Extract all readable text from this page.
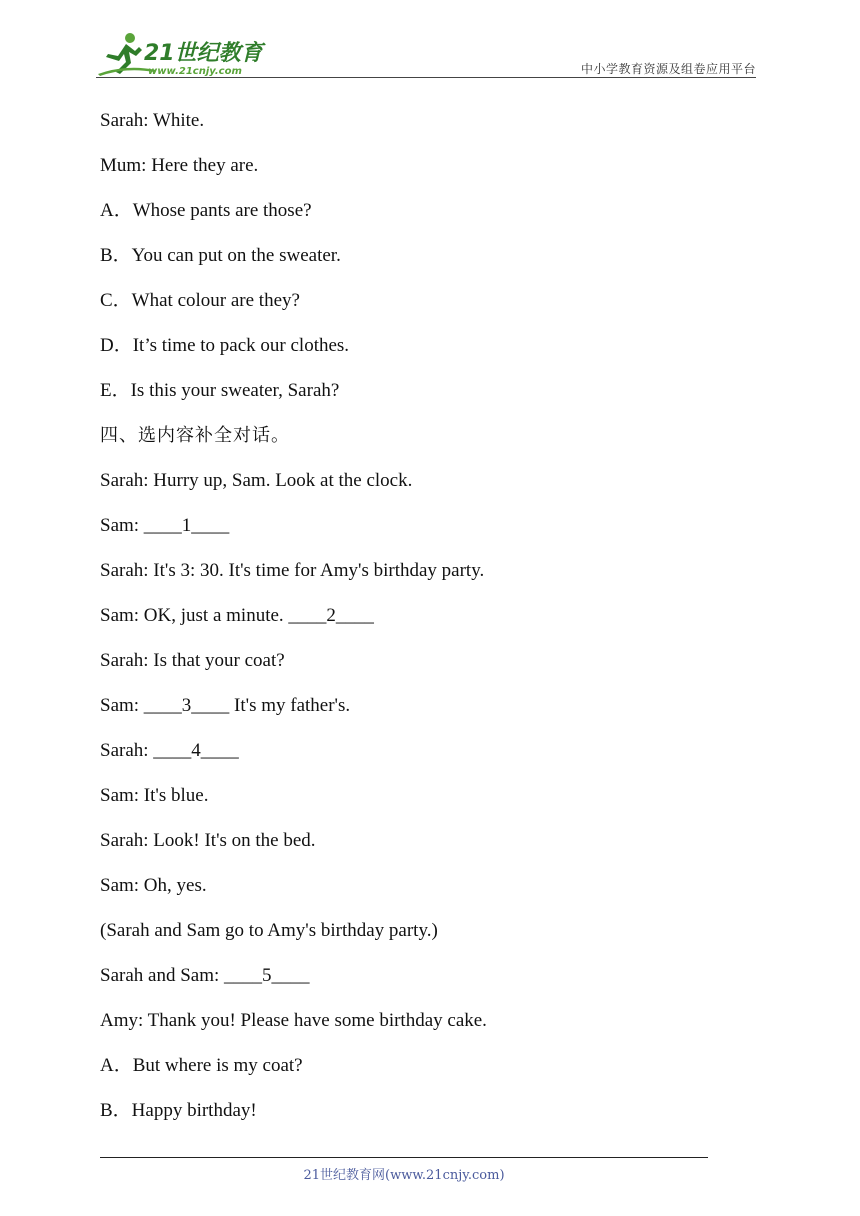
21世纪教育
www.21cnjy.com	中小学教育资源及组卷应用平台
Sarah: White.
Mum: Here they are.
A．Whose pants are those?
B．You can put on the sweater.
C．What colour are they?
D．It’s time to pack our clothes.
E．Is this your sweater, Sarah?
四、选内容补全对话。
Sarah: Hurry up, Sam. Look at the clock.
Sam: ____1____
Sarah: It's 3: 30. It's time for Amy's birthday party.
Sam: OK, just a minute. ____2____
Sarah: Is that your coat?
Sam: ____3____ It's my father's.
Sarah: ____4____
Sam: It's blue.
Sarah: Look! It's on the bed.
Sam: Oh, yes.
(Sarah and Sam go to Amy's birthday party.)
Sarah and Sam: ____5____
Amy: Thank you! Please have some birthday cake.
A．But where is my coat?
B．Happy birthday!
21世纪教育网(www.21cnjy.com)
